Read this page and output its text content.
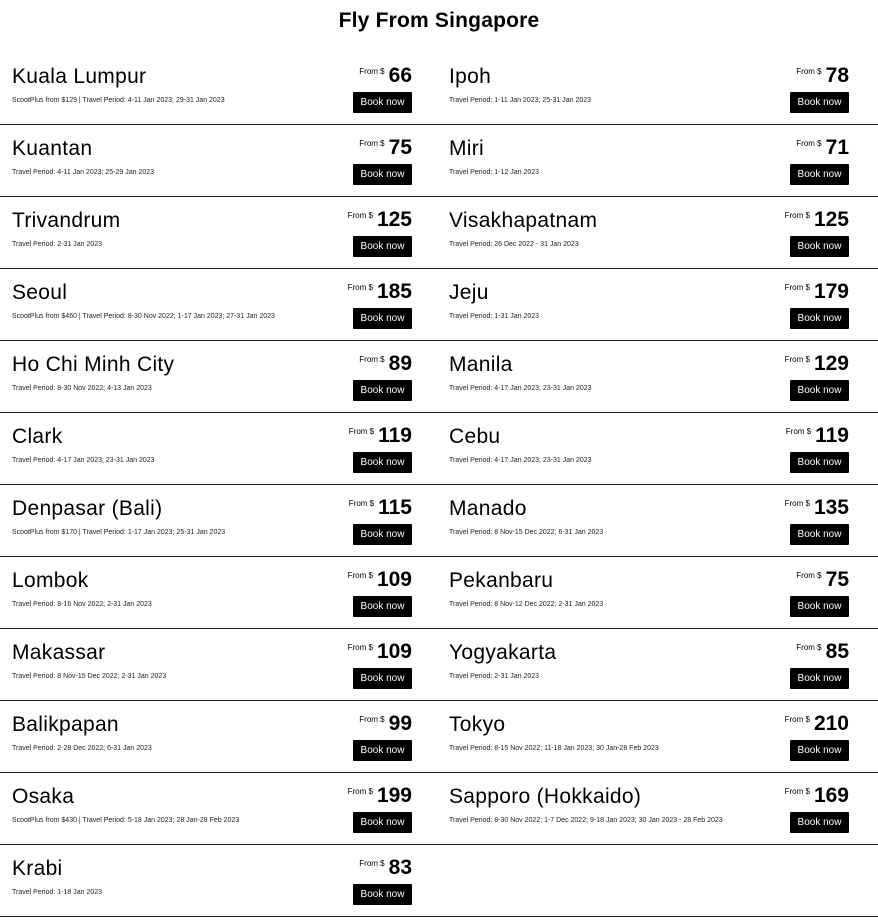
Fly From Singapore
Kuala Lumpur
ScootPlus from $129 | Travel Period: 4-11 Jan 2023; 29-31 Jan 2023
From $ 66
Book now
Ipoh
Travel Period: 1-11 Jan 2023; 25-31 Jan 2023
From $ 78
Book now
Kuantan
Travel Period: 4-11 Jan 2023; 25-29 Jan 2023
From $ 75
Book now
Miri
Travel Period: 1-12 Jan 2023
From $ 71
Book now
Trivandrum
Travel Period: 2-31 Jan 2023
From $ 125
Book now
Visakhapatnam
Travel Period: 26 Dec 2022 - 31 Jan 2023
From $ 125
Book now
Seoul
ScootPlus from $460 | Travel Period: 8-30 Nov 2022; 1-17 Jan 2023; 27-31 Jan 2023
From $ 185
Book now
Jeju
Travel Period: 1-31 Jan 2023
From $ 179
Book now
Ho Chi Minh City
Travel Period: 8-30 Nov 2022; 4-13 Jan 2023
From $ 89
Book now
Manila
Travel Period: 4-17 Jan 2023; 23-31 Jan 2023
From $ 129
Book now
Clark
Travel Period: 4-17 Jan 2023; 23-31 Jan 2023
From $ 119
Book now
Cebu
Travel Period: 4-17 Jan 2023; 23-31 Jan 2023
From $ 119
Book now
Denpasar (Bali)
ScootPlus from $170 | Travel Period: 1-17 Jan 2023; 25-31 Jan 2023
From $ 115
Book now
Manado
Travel Period: 8 Nov-15 Dec 2022; 6-31 Jan 2023
From $ 135
Book now
Lombok
Travel Period: 8-16 Nov 2022; 2-31 Jan 2023
From $ 109
Book now
Pekanbaru
Travel Period: 8 Nov-12 Dec 2022; 2-31 Jan 2023
From $ 75
Book now
Makassar
Travel Period: 8 Nov-15 Dec 2022; 2-31 Jan 2023
From $ 109
Book now
Yogyakarta
Travel Period: 2-31 Jan 2023
From $ 85
Book now
Balikpapan
Travel Period: 2-28 Dec 2022; 6-31 Jan 2023
From $ 99
Book now
Tokyo
Travel Period: 8-15 Nov 2022; 11-18 Jan 2023; 30 Jan-28 Feb 2023
From $ 210
Book now
Osaka
ScootPlus from $430 | Travel Period: 5-18 Jan 2023; 28 Jan-28 Feb 2023
From $ 199
Book now
Sapporo (Hokkaido)
Travel Period: 8-30 Nov 2022; 1-7 Dec 2022; 9-18 Jan 2023; 30 Jan 2023 - 28 Feb 2023
From $ 169
Book now
Krabi
Travel Period: 1-18 Jan 2023
From $ 83
Book now
